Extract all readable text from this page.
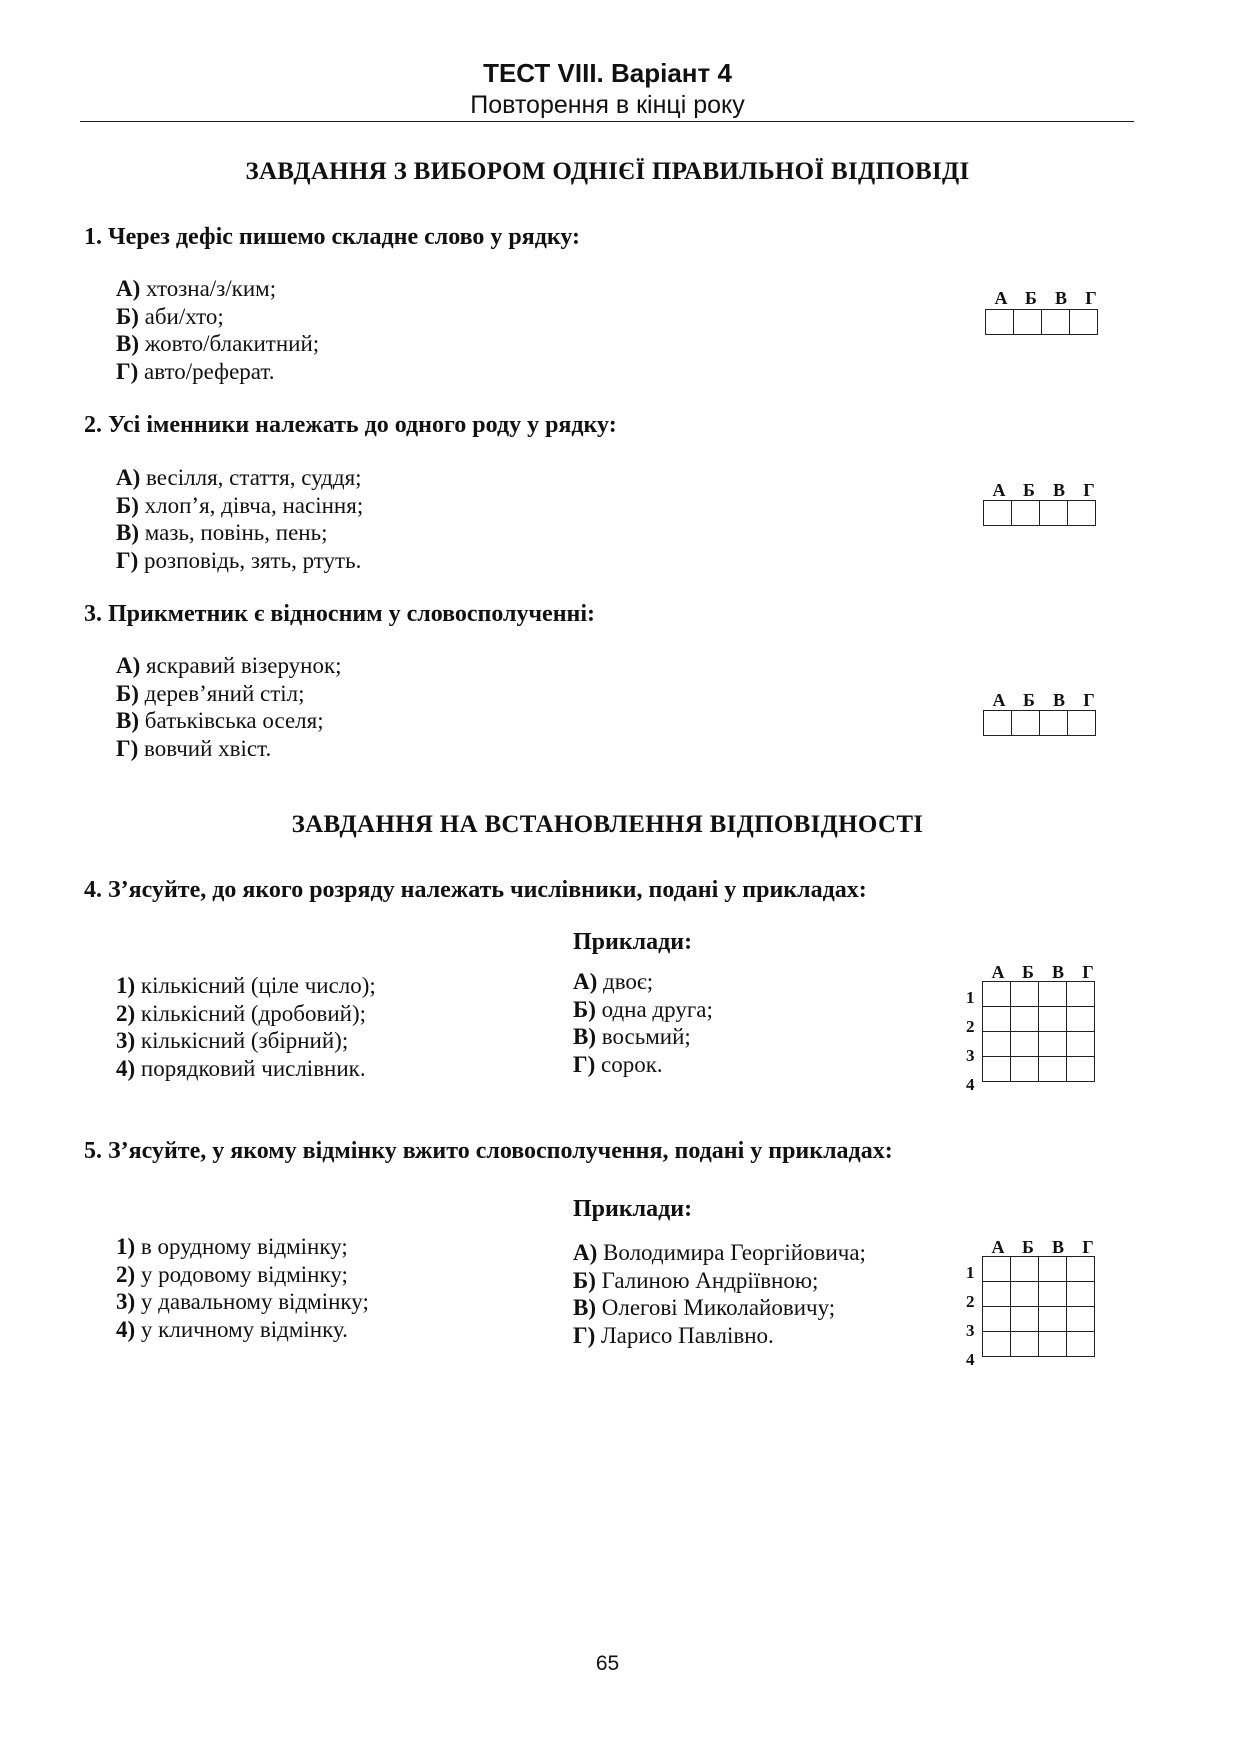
ТЕСТ VIII. Варіант 4
Повторення в кінці року
ЗАВДАННЯ З ВИБОРОМ ОДНІЄЇ ПРАВИЛЬНОЇ ВІДПОВІДІ
1. Через дефіс пишемо складне слово у рядку:
А) хтозна/з/ким;
Б) аби/хто;
В) жовто/блакитний;
Г) авто/реферат.
А Б	В	Г

2. Усі іменники належать до одного роду у рядку:
А) весілля, стаття, суддя;
Б) хлоп’я, дівча, насіння;
В) мазь, повінь, пень;
Г) розповідь, зять, ртуть.
А Б	В	Г

3. Прикметник є відносним у словосполученні:
А) яскравий візерунок;
Б) дерев’яний стіл;
В) батьківська оселя;
Г) вовчий хвіст.
А Б	В	Г

ЗАВДАННЯ НА ВСТАНОВЛЕННЯ ВІДПОВІДНОСТІ
4. З’ясуйте, до якого розряду належать числівники, подані у прикладах:
Приклади:
1) кількісний (ціле число);
2) кількісний (дробовий);
3) кількісний (збірний);
4) порядковий числівник.
А) двоє;
Б) одна друга;
В) восьмий;
Г) сорок.
А Б	В	Г
1
2
3
4

5. З’ясуйте, у якому відмінку вжито словосполучення, подані у прикладах:
Приклади:
1) в орудному відмінку;
2) у родовому відмінку;
3) у давальному відмінку;
4) у кличному відмінку.
А) Володимира Георгійовича;
Б) Галиною Андріївною;
В) Олегові Миколайовичу;
Г) Ларисо Павлівно.
А Б	В	Г
1
2
3
4

65
